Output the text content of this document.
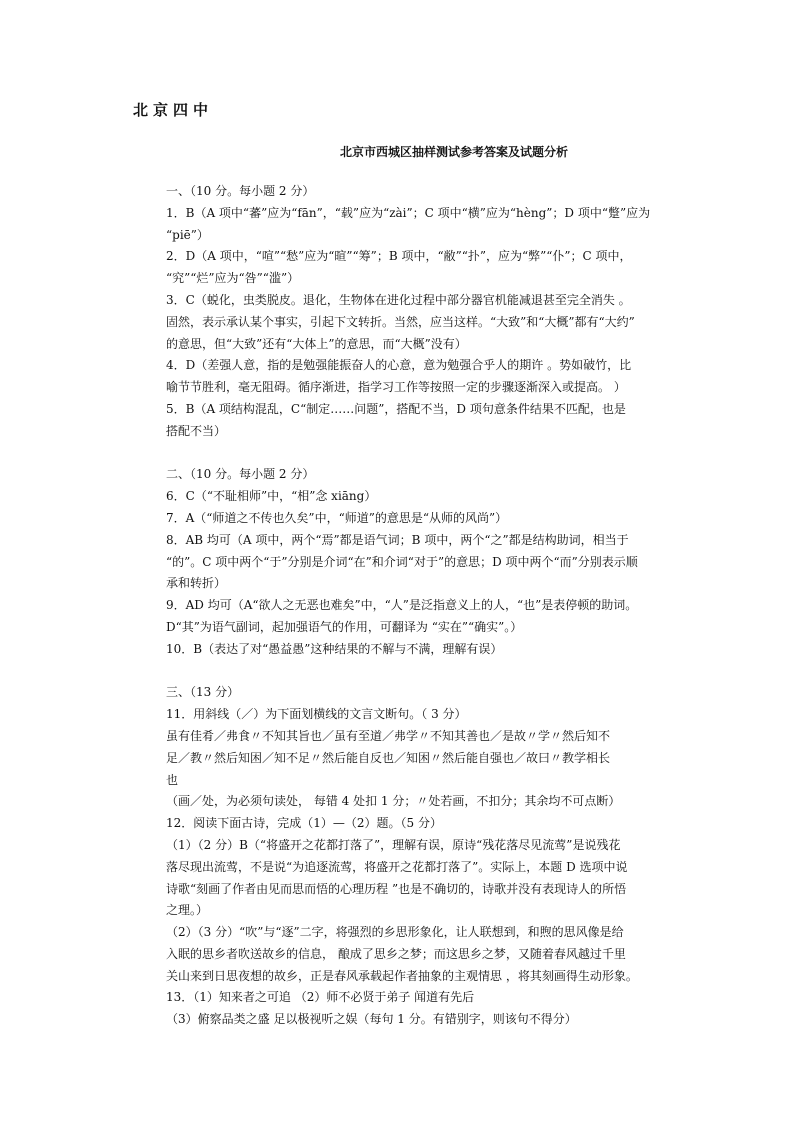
北京四中
北京市西城区抽样测试参考答案及试题分析
一、（10 分。每小题 2 分）
1．B（A 项中“蕃”应为“fān”，“载”应为“zài”；C 项中“横”应为“hèng”；D 项中“蹩”应为
“piē”）
2．D（A 项中，“喧”“愁”应为“暄”“筹”；B 项中，“敝”“扑”，应为“弊”“仆”；C 项中，
“究”“烂”应为“咎”“滥”）
3．C（蜕化，虫类脱皮。退化，生物体在进化过程中部分器官机能减退甚至完全消失 。
固然，表示承认某个事实，引起下文转折。当然，应当这样。“大致”和“大概”都有“大约”
的意思，但“大致”还有“大体上”的意思，而“大概”没有）
4．D（差强人意，指的是勉强能振奋人的心意，意为勉强合乎人的期许 。势如破竹，比
喻节节胜利，毫无阻碍。循序渐进，指学习工作等按照一定的步骤逐渐深入或提高。 ）
5．B（A 项结构混乱，C“制定……问题”，搭配不当，D 项句意条件结果不匹配，也是
搭配不当）
二、（10 分。每小题 2 分）
6．C（“不耻相师”中，“相”念 xiāng）
7．A（“师道之不传也久矣”中，“师道”的意思是“从师的风尚”）
8．AB 均可（A 项中，两个“焉”都是语气词；B 项中，两个“之”都是结构助词，相当于
“的”。C 项中两个“于”分别是介词“在”和介词“对于”的意思；D 项中两个“而”分别表示顺
承和转折）
9．AD 均可（A“欲人之无恶也难矣”中，“人”是泛指意义上的人，“也”是表停顿的助词。
D“其”为语气副词，起加强语气的作用，可翻译为 “实在”“确实”。）
10．B（表达了对“愚益愚”这种结果的不解与不满，理解有误）
三、（13 分）
11．用斜线（／）为下面划横线的文言文断句。（ 3 分）
虽有佳肴／弗食〃不知其旨也／虽有至道／弗学〃不知其善也／是故〃学〃然后知不
足／教〃然后知困／知不足〃然后能自反也／知困〃然后能自强也／故曰〃教学相长
也
（画／处，为必须句读处， 每错 4 处扣 1 分；〃处若画，不扣分；其余均不可点断）
12．阅读下面古诗，完成（1）—（2）题。（5 分）
（1）（2 分）B（“将盛开之花都打落了”，理解有误，原诗“残花落尽见流莺”是说残花
落尽现出流莺，不是说“为追逐流莺，将盛开之花都打落了”。实际上，本题 D 选项中说
诗歌“刻画了作者由见而思而悟的心理历程 ”也是不确切的，诗歌并没有表现诗人的所悟
之理。）
（2）（3 分）“吹”与“逐”二字，将强烈的乡思形象化，让人联想到，和煦的思风像是给
入眠的思乡者吹送故乡的信息， 酿成了思乡之梦；而这思乡之梦，又随着春风越过千里
关山来到日思夜想的故乡，正是春风承载起作者抽象的主观情思 ，将其刻画得生动形象。
13．（1）知来者之可追 （2）师不必贤于弟子 闻道有先后
（3）俯察品类之盛 足以极视听之娱（每句 1 分。有错别字，则该句不得分）
